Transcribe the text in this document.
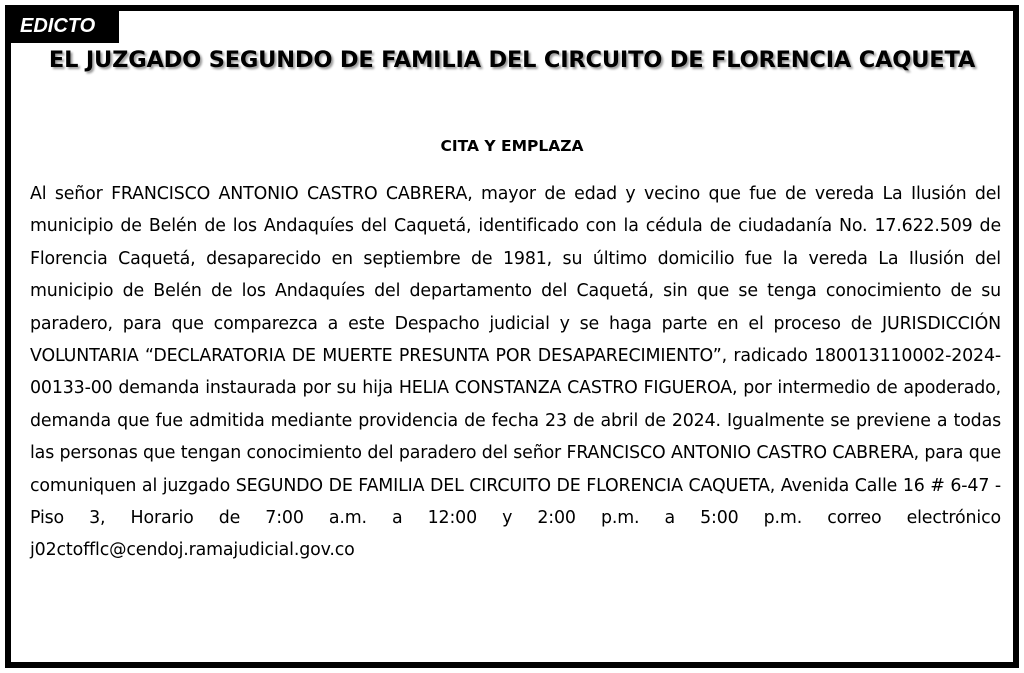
EDICTO
EL JUZGADO SEGUNDO DE FAMILIA DEL CIRCUITO DE FLORENCIA CAQUETA
CITA Y EMPLAZA
Al señor FRANCISCO ANTONIO CASTRO CABRERA, mayor de edad y vecino que fue de vereda La Ilusión del municipio de Belén de los Andaquíes del Caquetá, identificado con la cédula de ciudadanía No. 17.622.509 de Florencia Caquetá, desaparecido en septiembre de 1981, su último domicilio fue la vereda La Ilusión del municipio de Belén de los Andaquíes del departamento del Caquetá, sin que se tenga conocimiento de su paradero, para que comparezca a este Despacho judicial y se haga parte en el proceso de JURISDICCIÓN VOLUNTARIA “DECLARATORIA DE MUERTE PRESUNTA POR DESAPARECIMIENTO”, radicado 180013110002-2024-00133-00 demanda instaurada por su hija HELIA CONSTANZA CASTRO FIGUEROA, por intermedio de apoderado, demanda que fue admitida mediante providencia de fecha 23 de abril de 2024. Igualmente se previene a todas las personas que tengan conocimiento del paradero del señor FRANCISCO ANTONIO CASTRO CABRERA, para que comuniquen al juzgado SEGUNDO DE FAMILIA DEL CIRCUITO DE FLORENCIA CAQUETA, Avenida Calle 16 # 6-47 - Piso 3, Horario de 7:00 a.m. a 12:00 y 2:00 p.m. a 5:00 p.m. correo electrónico j02ctofflc@cendoj.ramajudicial.gov.co
